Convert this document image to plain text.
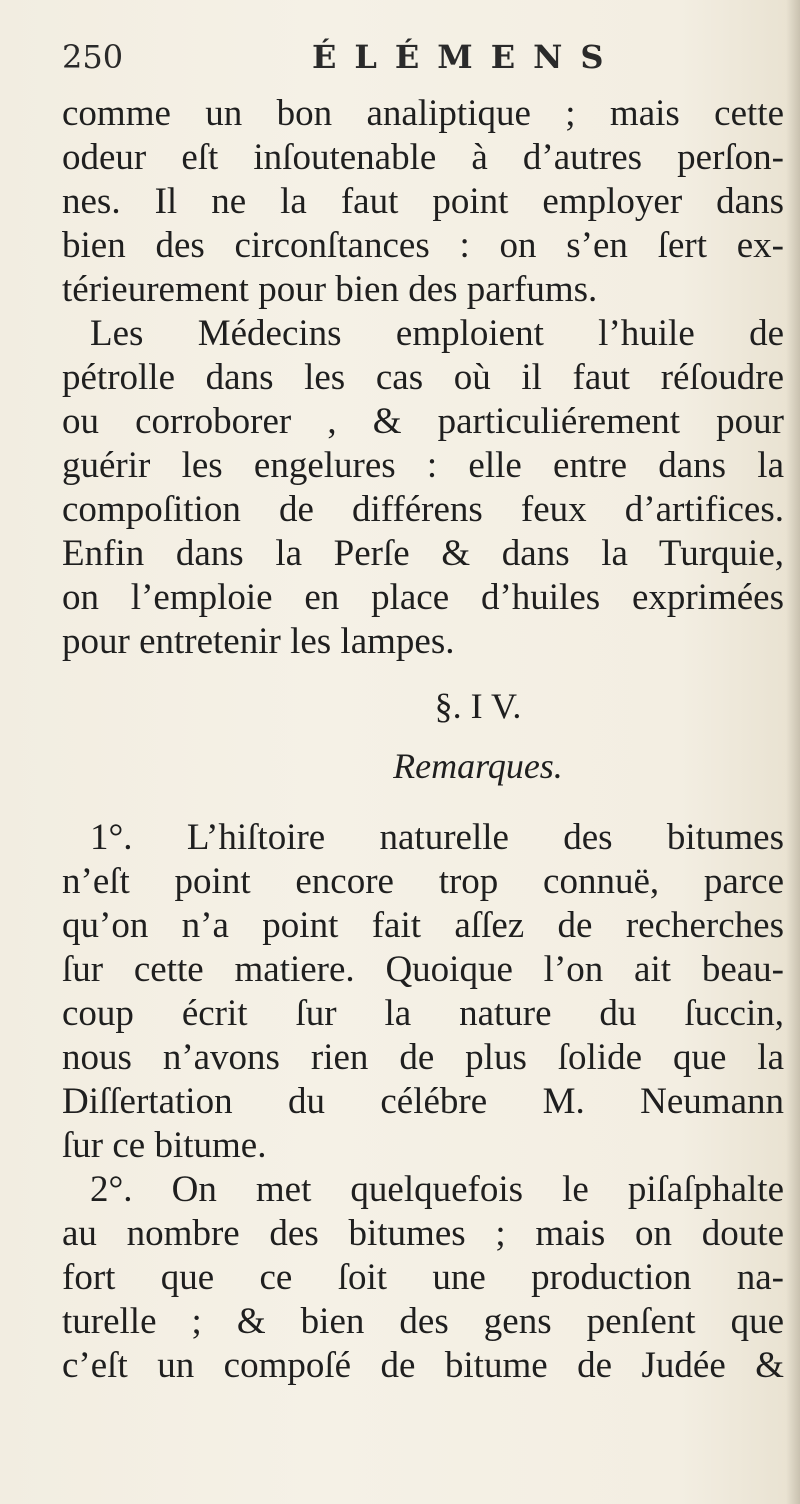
250	ÉLÉMENS
comme un bon analiptique ; mais cette
odeur eſt inſoutenable à d’autres perſon-
nes. Il ne la faut point employer dans
bien des circonſtances : on s’en ſert ex-
térieurement pour bien des parfums.
Les Médecins emploient l’huile de
pétrolle dans les cas où il faut réſoudre
ou corroborer , & particuliérement pour
guérir les engelures : elle entre dans la
compoſition de différens feux d’artifices.
Enfin dans la Perſe & dans la Turquie,
on l’emploie en place d’huiles exprimées
pour entretenir les lampes.
§. I V.
Remarques.
1°. L’hiſtoire naturelle des bitumes
n’eſt point encore trop connuë, parce
qu’on n’a point fait aſſez de recherches
ſur cette matiere. Quoique l’on ait beau-
coup écrit ſur la nature du ſuccin,
nous n’avons rien de plus ſolide que la
Diſſertation du célébre M. Neumann
ſur ce bitume.
2°. On met quelquefois le piſaſphalte
au nombre des bitumes ; mais on doute
fort que ce ſoit une production na-
turelle ; & bien des gens penſent que
c’eſt un compoſé de bitume de Judée &
